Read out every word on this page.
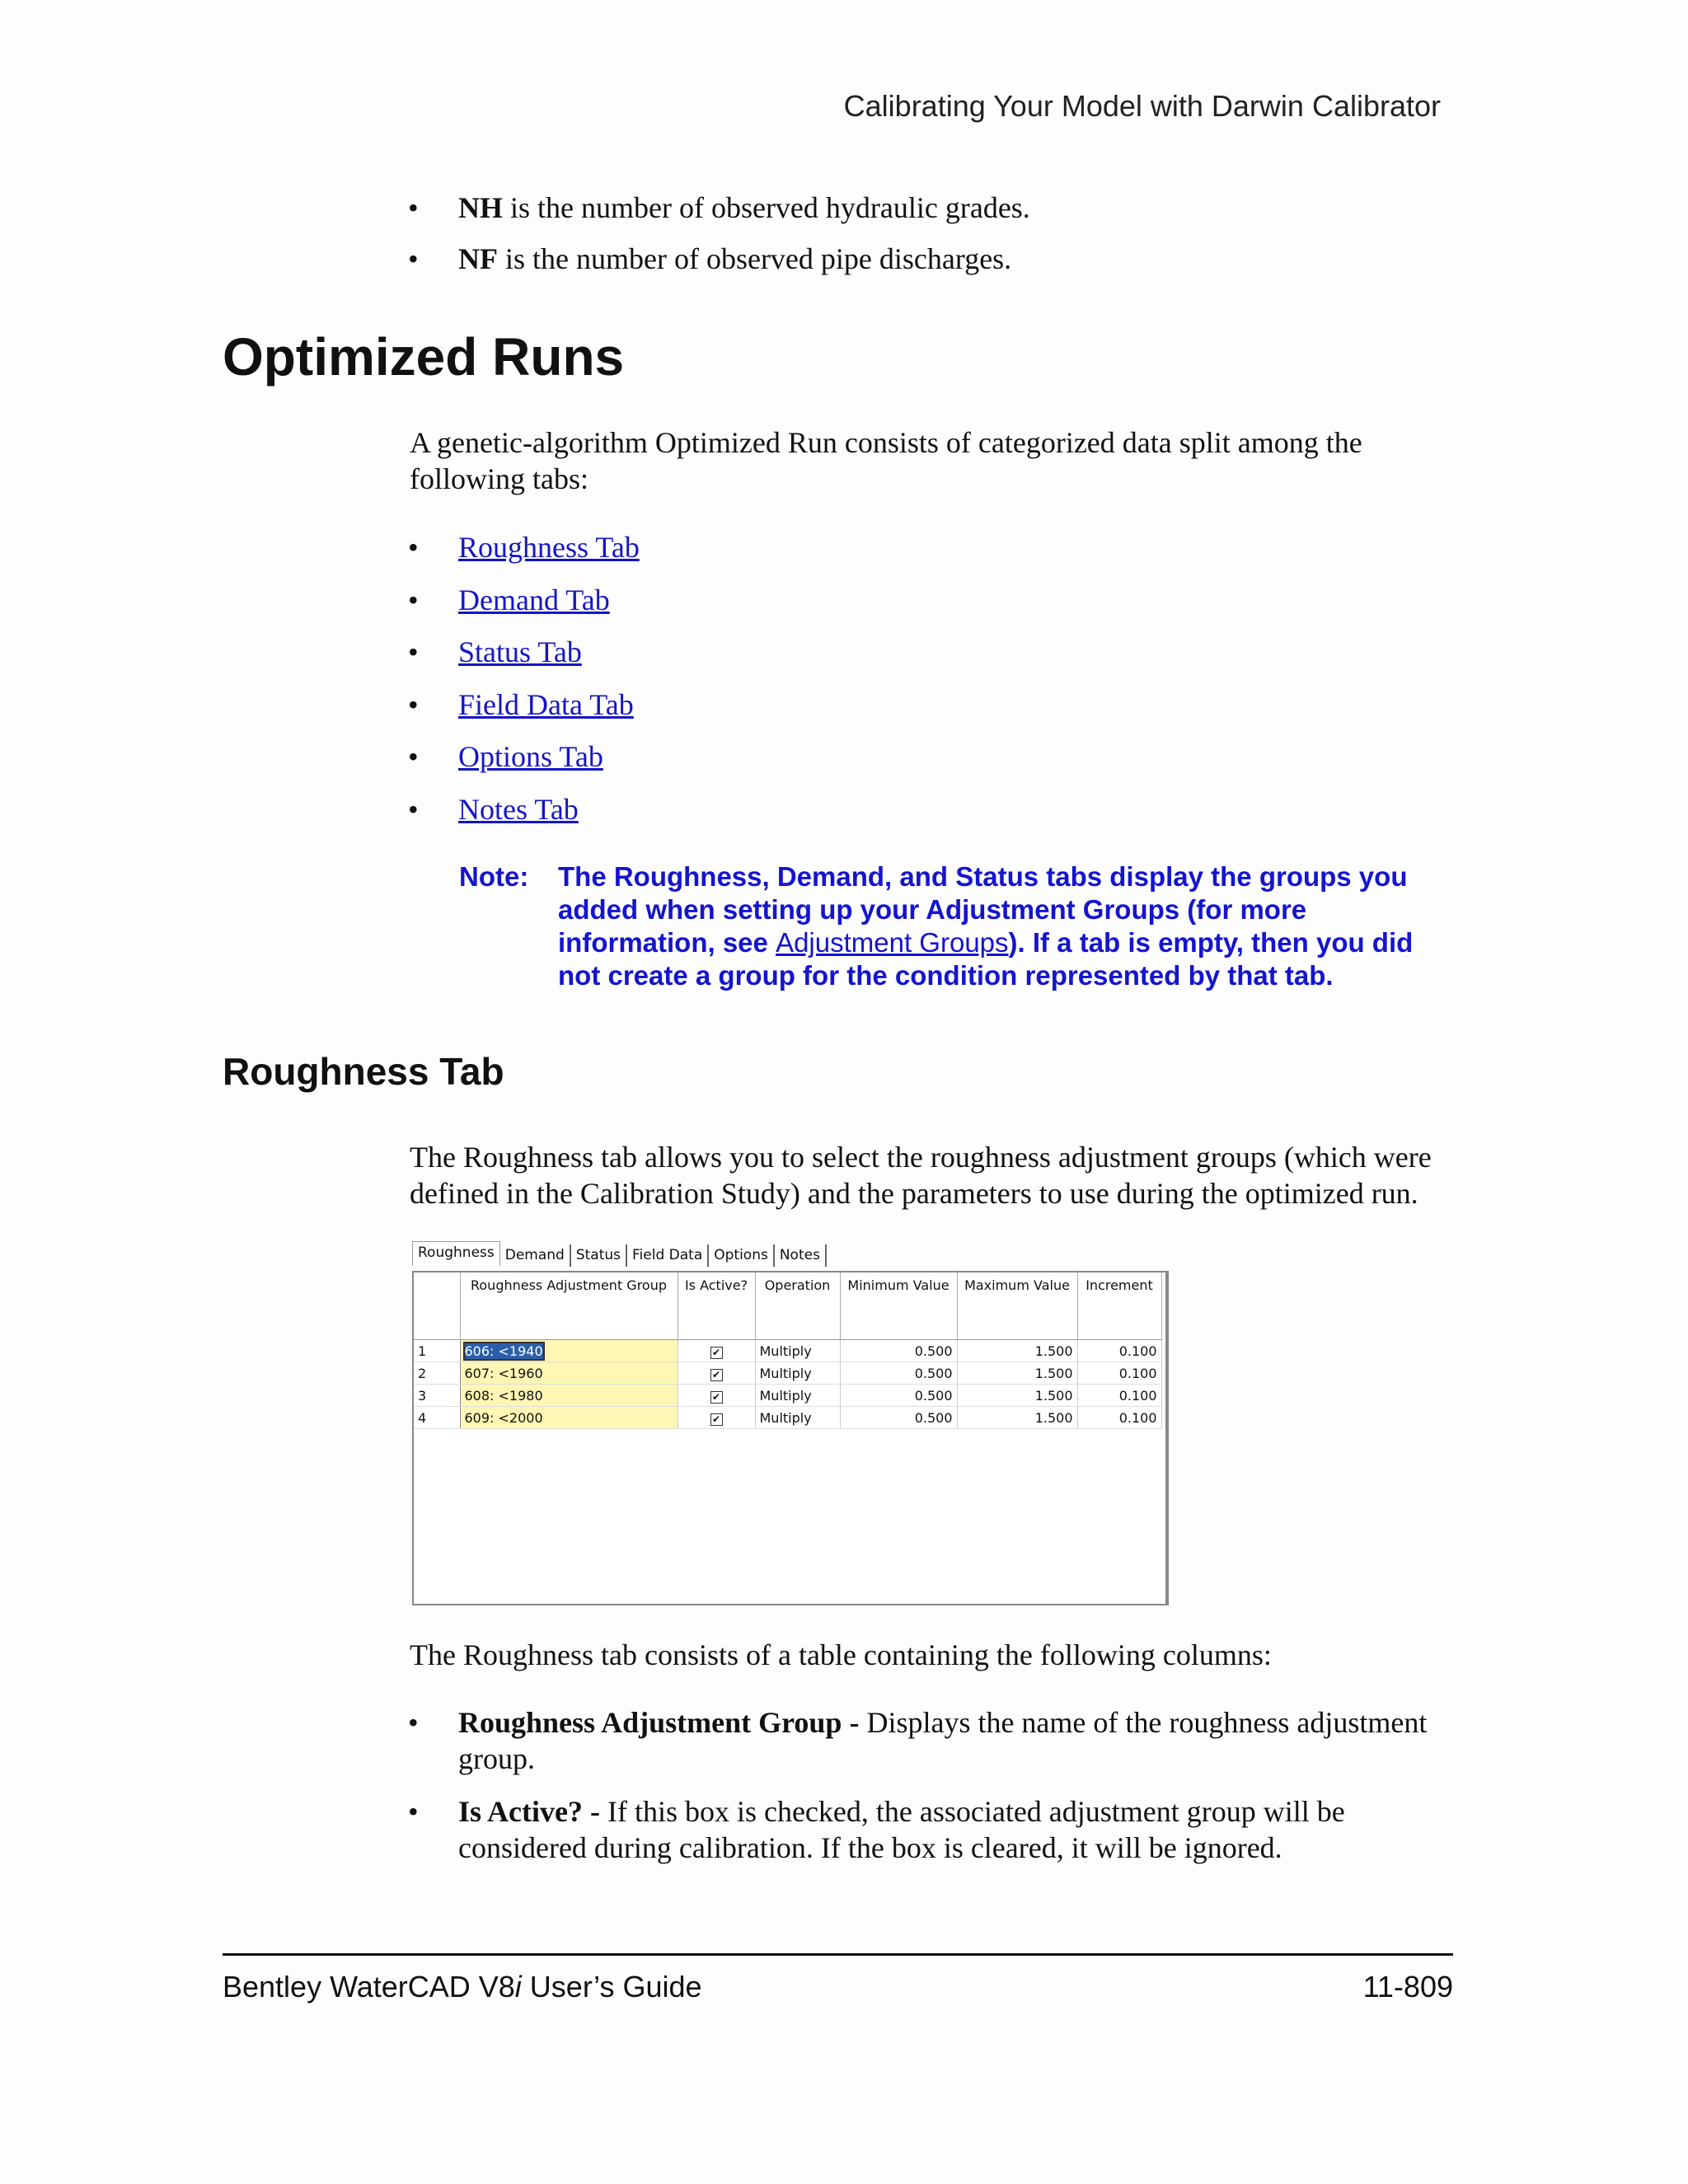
Calibrating Your Model with Darwin Calibrator
•	NH is the number of observed hydraulic grades.
•	NF is the number of observed pipe discharges.
Optimized Runs

A genetic-algorithm Optimized Run consists of categorized data split among the following tabs:

•	Roughness Tab
•	Demand Tab
•	Status Tab
•	Field Data Tab
•	Options Tab
•	Notes Tab
Note: The Roughness, Demand, and Status tabs display the groups you added when setting up your Adjustment Groups (for more information, see Adjustment Groups). If a tab is empty, then you did not create a group for the condition represented by that tab.
Roughness Tab

The Roughness tab allows you to select the roughness adjustment groups (which were defined in the Calibration Study) and the parameters to use during the optimized run.

Roughness Demand Status Field Data Options Notes
	Roughness Adjustment Group	Is Active?	Operation	Minimum Value	Maximum Value	Increment
1	606: <1940	✔	Multiply	0.500	1.500	0.100
2	607: <1960	✔	Multiply	0.500	1.500	0.100
3	608: <1980	✔	Multiply	0.500	1.500	0.100
4	609: <2000	✔	Multiply	0.500	1.500	0.100

The Roughness tab consists of a table containing the following columns:

•	Roughness Adjustment Group - Displays the name of the roughness adjustment group.
•	Is Active? - If this box is checked, the associated adjustment group will be considered during calibration. If the box is cleared, it will be ignored.
Bentley WaterCAD V8i User’s Guide	11-809
